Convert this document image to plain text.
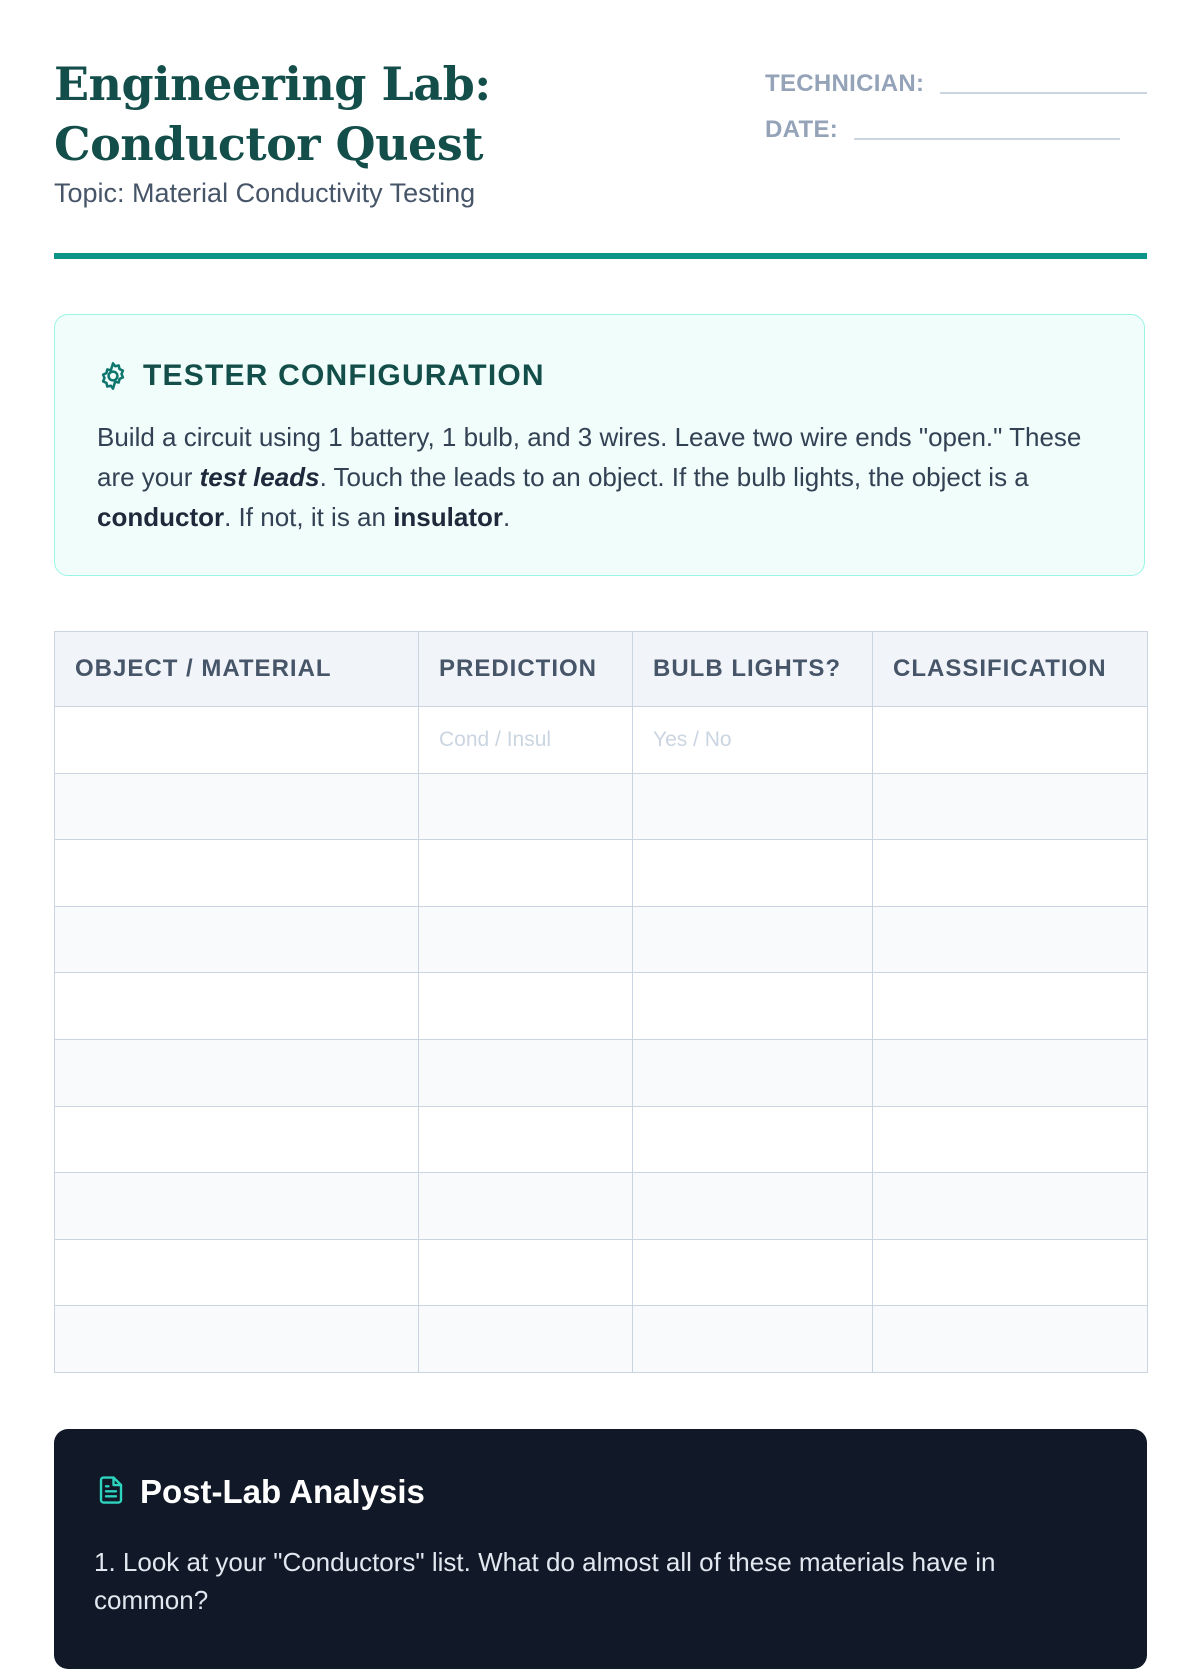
Engineering Lab: Conductor Quest
Topic: Material Conductivity Testing
TECHNICIAN:
DATE:
TESTER CONFIGURATION
Build a circuit using 1 battery, 1 bulb, and 3 wires. Leave two wire ends "open." These are your test leads. Touch the leads to an object. If the bulb lights, the object is a conductor. If not, it is an insulator.
OBJECT / MATERIAL	PREDICTION	BULB LIGHTS?	CLASSIFICATION
	Cond / Insul	Yes / No	

Post-Lab Analysis
1. Look at your "Conductors" list. What do almost all of these materials have in common?
